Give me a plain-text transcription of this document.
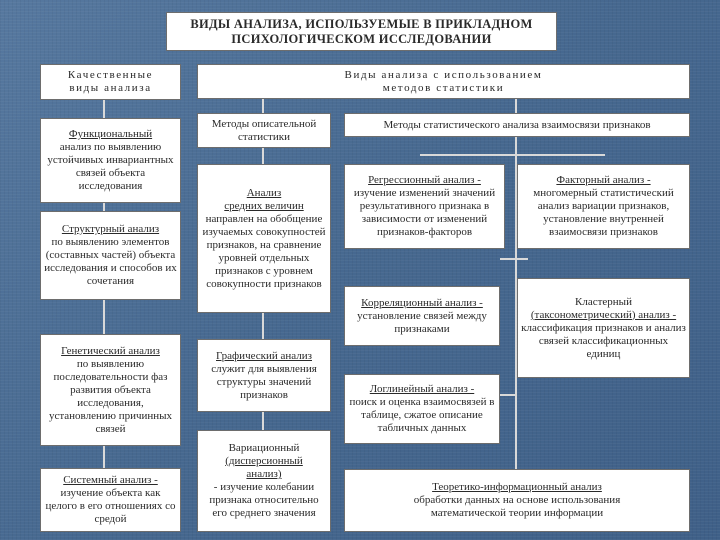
ВИДЫ АНАЛИЗА, ИСПОЛЬЗУЕМЫЕ В ПРИКЛАДНОМ
ПСИХОЛОГИЧЕСКОМ ИССЛЕДОВАНИИ
Качественные
виды анализа
Виды анализа с использованием
методов статистики
Методы описательной
статистики
Методы статистического анализа взаимосвязи признаков
Функциональный
анализ по выявлению устойчивых инвариантных связей объекта исследования
Структурный анализ
по выявлению элементов (составных частей) объекта исследования и способов их сочетания
Генетический анализ
по выявлению последовательности фаз развития объекта исследования, установлению причинных связей
Системный анализ -
изучение объекта как целого в его отношениях со средой
Анализ
средних величин
направлен на обобщение изучаемых совокупностей признаков, на сравнение уровней отдельных признаков с уровнем совокупности признаков
Графический анализ
служит для выявления структуры значений признаков
Вариационный
(дисперсионный
анализ)
- изучение колебании признака относительно его среднего значения
Регрессионный анализ -
изучение изменений значений результативного признака в зависимости от изменений признаков-факторов
Факторный анализ -
многомерный статистический анализ вариации признаков, установление внутренней взаимосвязи признаков
Корреляционный анализ -
установление связей между признаками
Кластерный
(таксонометрический) анализ -
классификация признаков и анализ связей классификационных единиц
Логлинейный анализ -
поиск и оценка взаимосвязей в таблице, сжатое описание табличных данных
Теоретико-информационный анализ
обработки данных на основе использования математической теории информации
